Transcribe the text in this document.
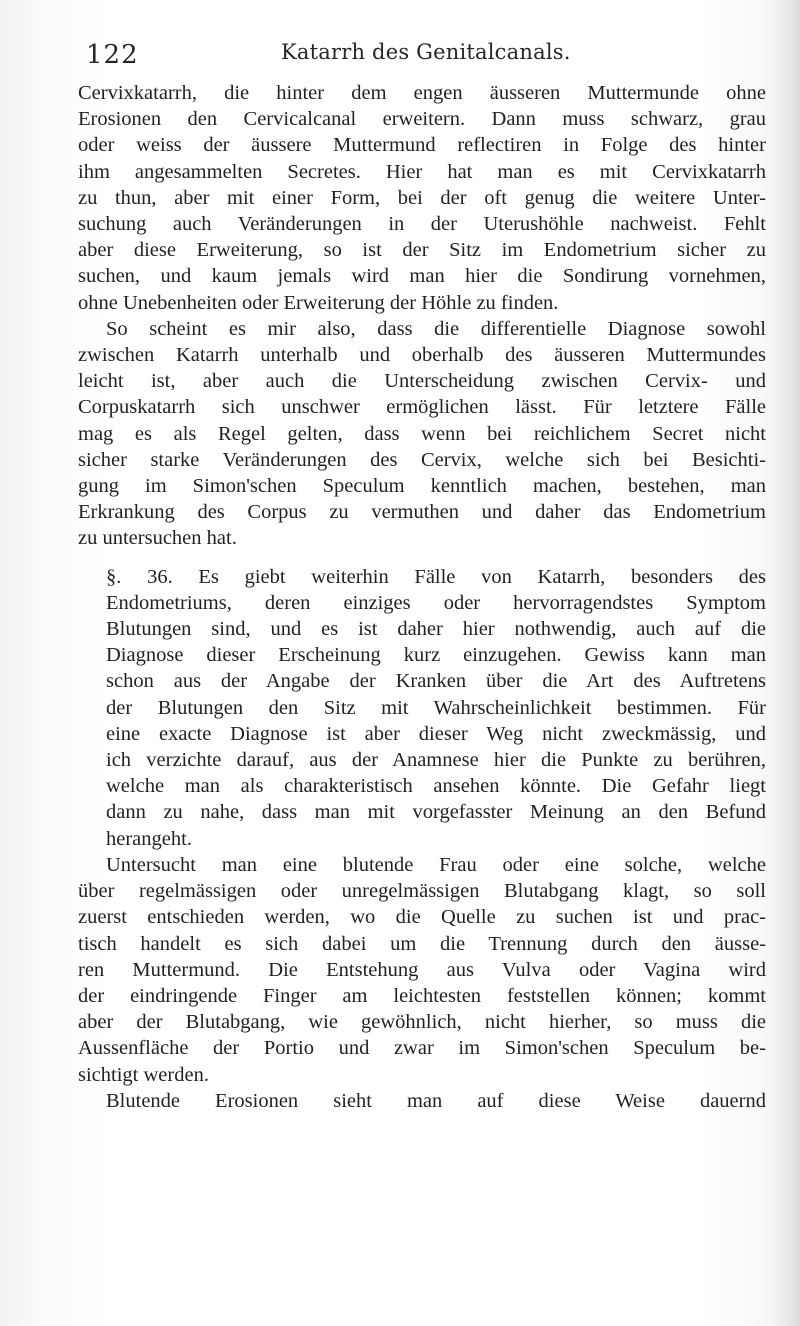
122	Katarrh des Genitalcanals.

Cervixkatarrh, die hinter dem engen äusseren Muttermunde ohne
Erosionen den Cervicalcanal erweitern. Dann muss schwarz, grau
oder weiss der äussere Muttermund reflectiren in Folge des hinter
ihm angesammelten Secretes. Hier hat man es mit Cervixkatarrh
zu thun, aber mit einer Form, bei der oft genug die weitere Unter-
suchung auch Veränderungen in der Uterushöhle nachweist. Fehlt
aber diese Erweiterung, so ist der Sitz im Endometrium sicher zu
suchen, und kaum jemals wird man hier die Sondirung vornehmen,
ohne Unebenheiten oder Erweiterung der Höhle zu finden.

So scheint es mir also, dass die differentielle Diagnose sowohl
zwischen Katarrh unterhalb und oberhalb des äusseren Muttermundes
leicht ist, aber auch die Unterscheidung zwischen Cervix- und
Corpuskatarrh sich unschwer ermöglichen lässt. Für letztere Fälle
mag es als Regel gelten, dass wenn bei reichlichem Secret nicht
sicher starke Veränderungen des Cervix, welche sich bei Besichti-
gung im Simon'schen Speculum kenntlich machen, bestehen, man
Erkrankung des Corpus zu vermuthen und daher das Endometrium
zu untersuchen hat.

§. 36. Es giebt weiterhin Fälle von Katarrh, besonders des
Endometriums, deren einziges oder hervorragendstes Symptom
Blutungen sind, und es ist daher hier nothwendig, auch auf die
Diagnose dieser Erscheinung kurz einzugehen. Gewiss kann man
schon aus der Angabe der Kranken über die Art des Auftretens
der Blutungen den Sitz mit Wahrscheinlichkeit bestimmen. Für
eine exacte Diagnose ist aber dieser Weg nicht zweckmässig, und
ich verzichte darauf, aus der Anamnese hier die Punkte zu berühren,
welche man als charakteristisch ansehen könnte. Die Gefahr liegt
dann zu nahe, dass man mit vorgefasster Meinung an den Befund
herangeht.

Untersucht man eine blutende Frau oder eine solche, welche
über regelmässigen oder unregelmässigen Blutabgang klagt, so soll
zuerst entschieden werden, wo die Quelle zu suchen ist und prac-
tisch handelt es sich dabei um die Trennung durch den äusse-
ren Muttermund. Die Entstehung aus Vulva oder Vagina wird
der eindringende Finger am leichtesten feststellen können; kommt
aber der Blutabgang, wie gewöhnlich, nicht hierher, so muss die
Aussenfläche der Portio und zwar im Simon'schen Speculum be-
sichtigt werden.

Blutende Erosionen sieht man auf diese Weise dauernd
